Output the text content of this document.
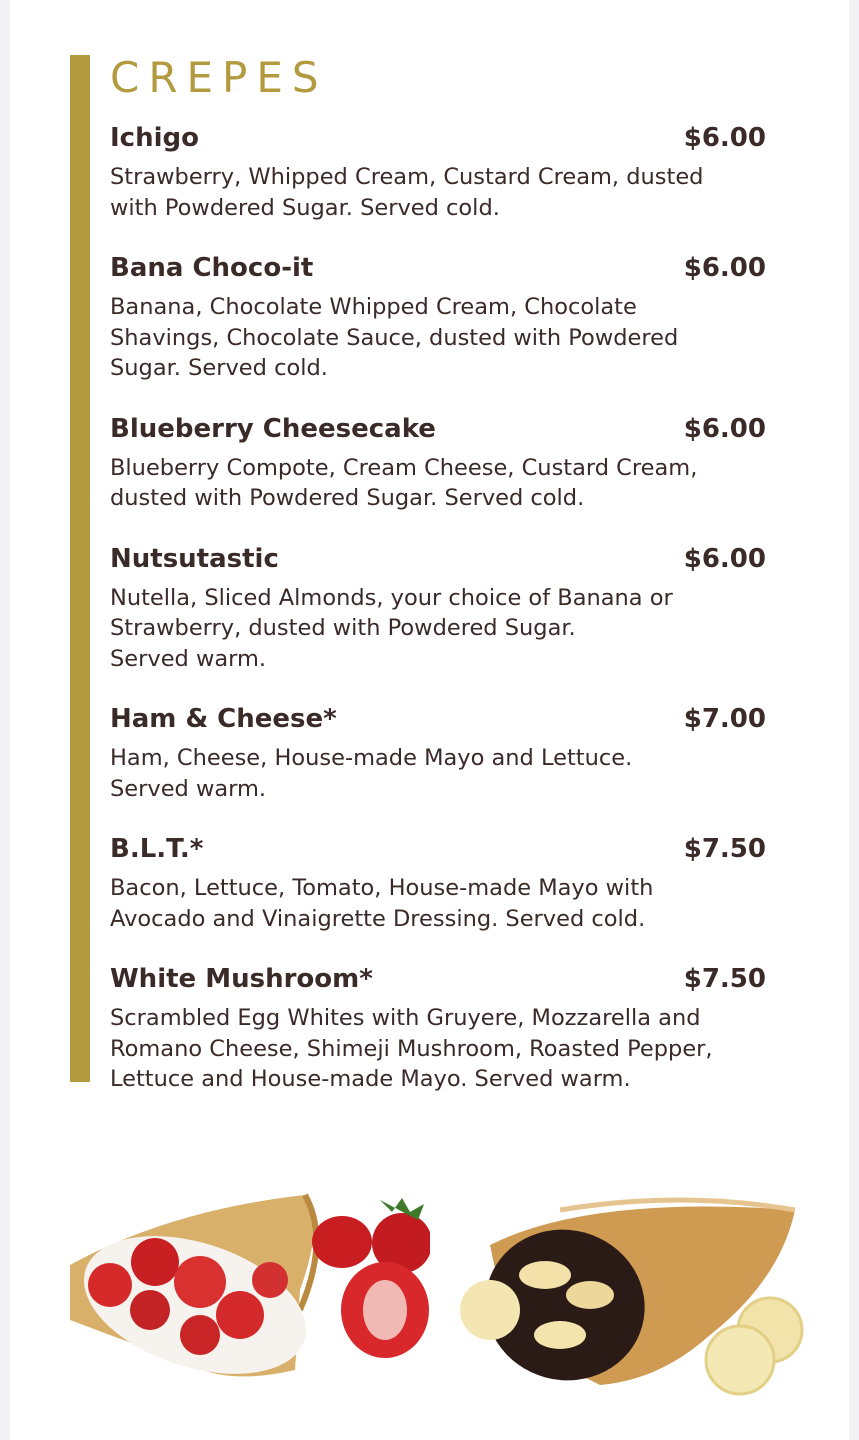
CREPES
Ichigo	$6.00
Strawberry, Whipped Cream, Custard Cream, dusted
with Powdered Sugar. Served cold.
Bana Choco-it	$6.00
Banana, Chocolate Whipped Cream, Chocolate
Shavings, Chocolate Sauce, dusted with Powdered
Sugar. Served cold.
Blueberry Cheesecake	$6.00
Blueberry Compote, Cream Cheese, Custard Cream,
dusted with Powdered Sugar. Served cold.
Nutsutastic	$6.00
Nutella, Sliced Almonds, your choice of Banana or
Strawberry, dusted with Powdered Sugar.
Served warm.
Ham & Cheese*	$7.00
Ham, Cheese, House-made Mayo and Lettuce.
Served warm.
B.L.T.*	$7.50
Bacon, Lettuce, Tomato, House-made Mayo with
Avocado and Vinaigrette Dressing. Served cold.
White Mushroom*	$7.50
Scrambled Egg Whites with Gruyere, Mozzarella and
Romano Cheese, Shimeji Mushroom, Roasted Pepper,
Lettuce and House-made Mayo. Served warm.
